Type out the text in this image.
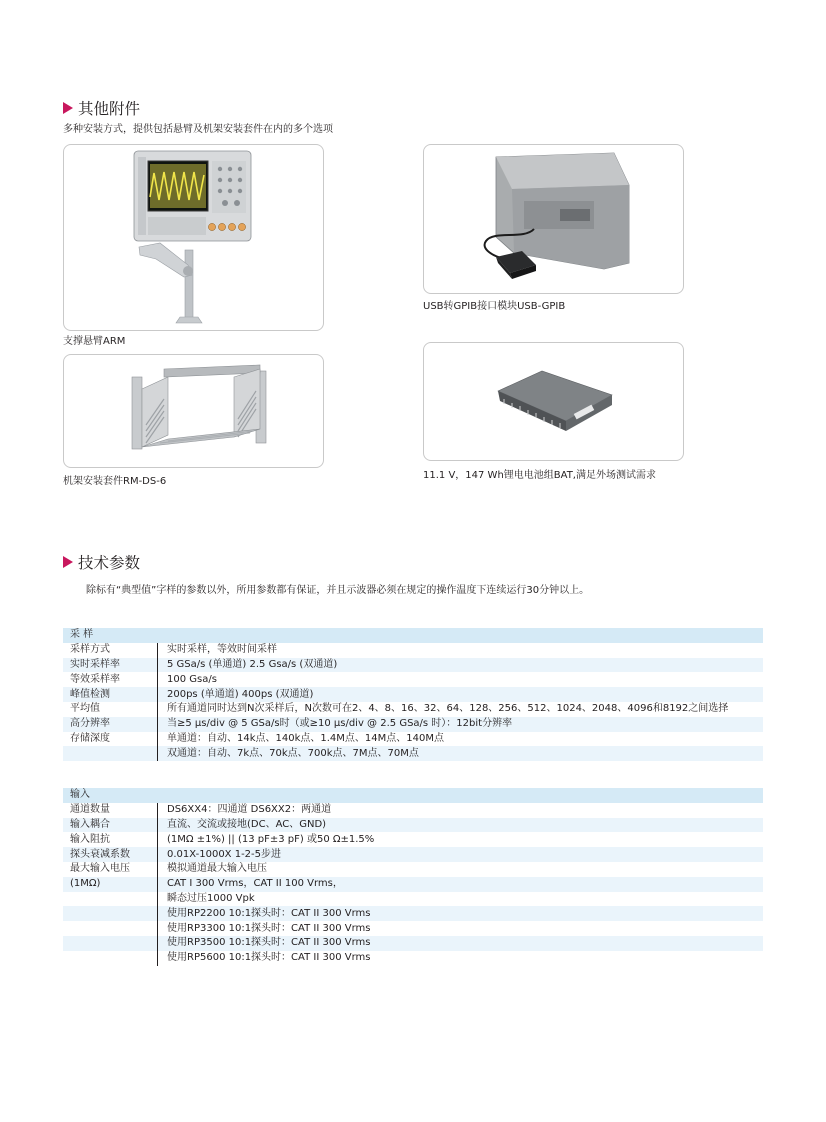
其他附件
多种安装方式，提供包括悬臂及机架安装套件在内的多个选项
支撑悬臂ARM
USB转GPIB接口模块USB-GPIB
机架安装套件RM-DS-6
11.1 V，147 Wh锂电电池组BAT,满足外场测试需求
技术参数
除标有“典型值”字样的参数以外，所用参数都有保证，并且示波器必须在规定的操作温度下连续运行30分钟以上。
采 样	
采样方式	实时采样，等效时间采样
实时采样率	5 GSa/s (单通道) 2.5 Gsa/s (双通道)
等效采样率	100 Gsa/s
峰值检测	200ps (单通道) 400ps (双通道)
平均值	所有通道同时达到N次采样后，N次数可在2、4、8、16、32、64、128、256、512、1024、2048、4096和8192之间选择
高分辨率	当≥5 µs/div @ 5 GSa/s时（或≥10 µs/div @ 2.5 GSa/s 时）：12bit分辨率
存储深度	单通道：自动、14k点、140k点、1.4M点、14M点、140M点
	双通道：自动、7k点、70k点、700k点、7M点、70M点
输入	
通道数量	DS6XX4：四通道 DS6XX2：两通道
输入耦合	直流、交流或接地(DC、AC、GND)
输入阻抗	(1MΩ ±1%) || (13 pF±3 pF) 或50 Ω±1.5%
探头衰减系数	0.01X-1000X 1-2-5步进
最大输入电压	模拟通道最大输入电压
(1MΩ)	CAT I 300 Vrms，CAT II 100 Vrms，
	瞬态过压1000 Vpk
	使用RP2200 10:1探头时：CAT II 300 Vrms
	使用RP3300 10:1探头时：CAT II 300 Vrms
	使用RP3500 10:1探头时：CAT II 300 Vrms
	使用RP5600 10:1探头时：CAT II 300 Vrms
